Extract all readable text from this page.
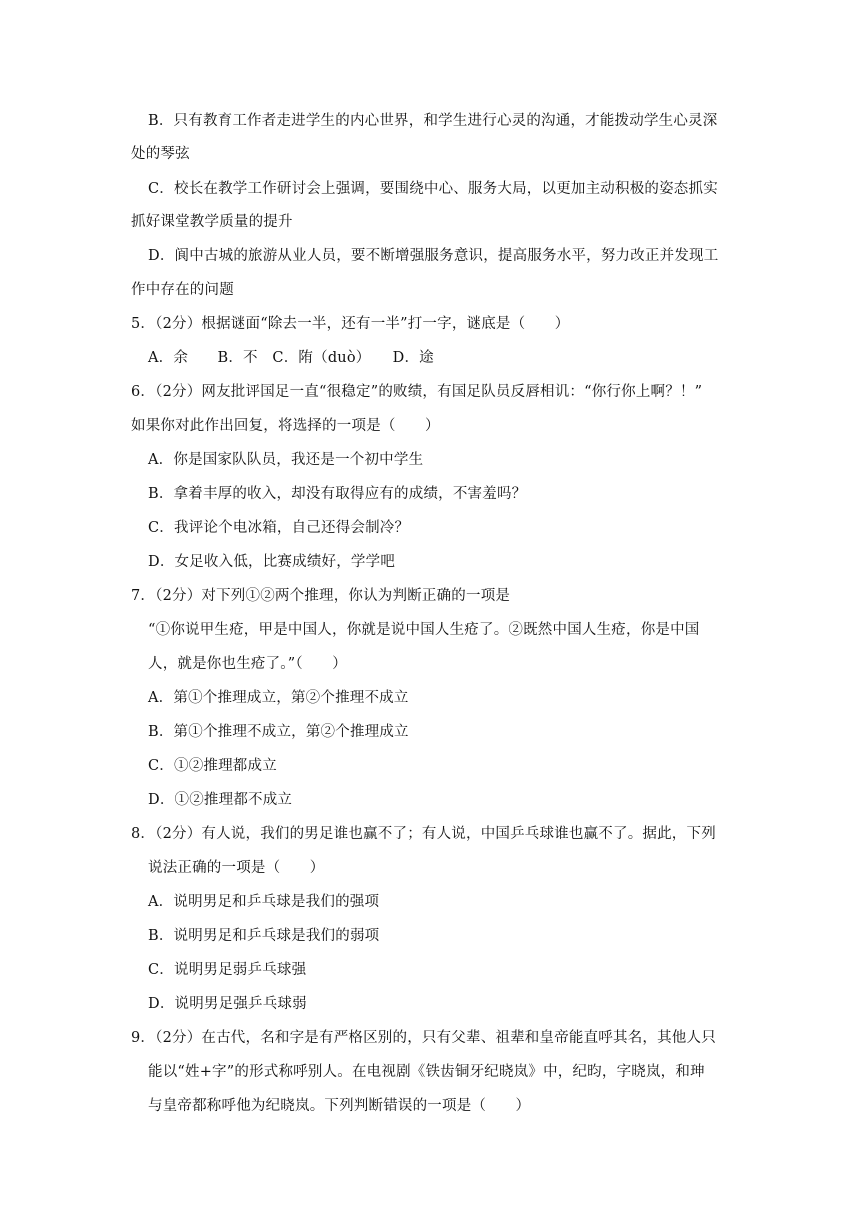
B．只有教育工作者走进学生的内心世界，和学生进行心灵的沟通，才能拨动学生心灵深
处的琴弦
C．校长在教学工作研讨会上强调，要围绕中心、服务大局，以更加主动积极的姿态抓实
抓好课堂教学质量的提升
D．阆中古城的旅游从业人员，要不断增强服务意识，提高服务水平，努力改正并发现工
作中存在的问题
5．（2分）根据谜面“除去一半，还有一半”打一字，谜底是（　　）
A．余　　B．不　C．陏（duò）　　D．途
6．（2分）网友批评国足一直“很稳定”的败绩，有国足队员反唇相讥：“你行你上啊？！”
如果你对此作出回复，将选择的一项是（　　）
A．你是国家队队员，我还是一个初中学生
B．拿着丰厚的收入，却没有取得应有的成绩，不害羞吗？
C．我评论个电冰箱，自己还得会制冷？
D．女足收入低，比赛成绩好，学学吧
7．（2分）对下列①②两个推理，你认为判断正确的一项是
“①你说甲生疮，甲是中国人，你就是说中国人生疮了。②既然中国人生疮，你是中国
人，就是你也生疮了。”（　　）
A．第①个推理成立，第②个推理不成立
B．第①个推理不成立，第②个推理成立
C．①②推理都成立
D．①②推理都不成立
8．（2分）有人说，我们的男足谁也赢不了；有人说，中国乒乓球谁也赢不了。据此，下列
说法正确的一项是（　　）
A．说明男足和乒乓球是我们的强项
B．说明男足和乒乓球是我们的弱项
C．说明男足弱乒乓球强
D．说明男足强乒乓球弱
9．（2分）在古代，名和字是有严格区别的，只有父辈、祖辈和皇帝能直呼其名，其他人只
能以“姓+字”的形式称呼别人。在电视剧《铁齿铜牙纪晓岚》中，纪昀，字晓岚，和珅
与皇帝都称呼他为纪晓岚。下列判断错误的一项是（　　）
